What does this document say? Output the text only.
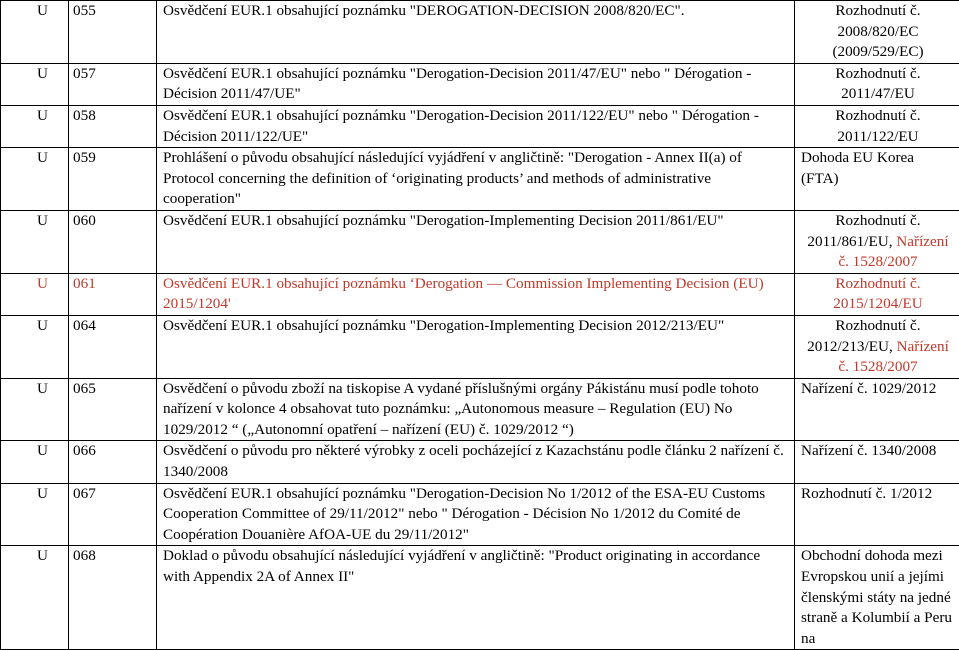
U	055	Osvědčení EUR.1 obsahující poznámku "DEROGATION-DECISION 2008/820/EC".	Rozhodnutí č.
2008/820/EC
(2009/529/EC)

U	057	Osvědčení EUR.1 obsahující poznámku "Derogation-Decision 2011/47/EU" nebo " Dérogation - Décision 2011/47/UE"	Rozhodnutí č.
2011/47/EU

U	058	Osvědčení EUR.1 obsahující poznámku "Derogation-Decision 2011/122/EU" nebo " Dérogation - Décision 2011/122/UE"	Rozhodnutí č.
2011/122/EU

U	059	Prohlášení o původu obsahující následující vyjádření v angličtině: "Derogation - Annex II(a) of Protocol concerning the definition of ‘originating products’ and methods of administrative cooperation"	Dohoda EU Korea
(FTA)

U	060	Osvědčení EUR.1 obsahující poznámku "Derogation-Implementing Decision 2011/861/EU"	Rozhodnutí č. 2011/861/EU, Nařízení č. 1528/2007
U	061	Osvědčení EUR.1 obsahující poznámku ‘Derogation — Commission Implementing Decision (EU) 2015/1204'	Rozhodnutí č. 2015/1204/EU
U	064	Osvědčení EUR.1 obsahující poznámku "Derogation-Implementing Decision 2012/213/EU"	Rozhodnutí č. 2012/213/EU, Nařízení č. 1528/2007
U	065	Osvědčení o původu zboží na tiskopise A vydané příslušnými orgány Pákistánu musí podle tohoto nařízení v kolonce 4 obsahovat tuto poznámku: „Autonomous measure – Regulation (EU) No 1029/2012 “ („Autonomní opatření – nařízení (EU) č. 1029/2012 “)	Nařízení č. 1029/2012

U	066	Osvědčení o původu pro některé výrobky z oceli pocházející z Kazachstánu podle článku 2 nařízení č. 1340/2008	Nařízení č. 1340/2008

U	067	Osvědčení EUR.1 obsahující poznámku "Derogation-Decision No 1/2012 of the ESA-EU Customs Cooperation Committee of 29/11/2012" nebo " Dérogation - Décision No 1/2012 du Comité de Coopération Douanière AfOA-UE du 29/11/2012"	Rozhodnutí č. 1/2012

U	068	Doklad o původu obsahující následující vyjádření v angličtině: "Product originating in accordance with Appendix 2A of Annex II"	Obchodní dohoda mezi Evropskou unií a jejími členskými státy na jedné straně a Kolumbií a Peru na
